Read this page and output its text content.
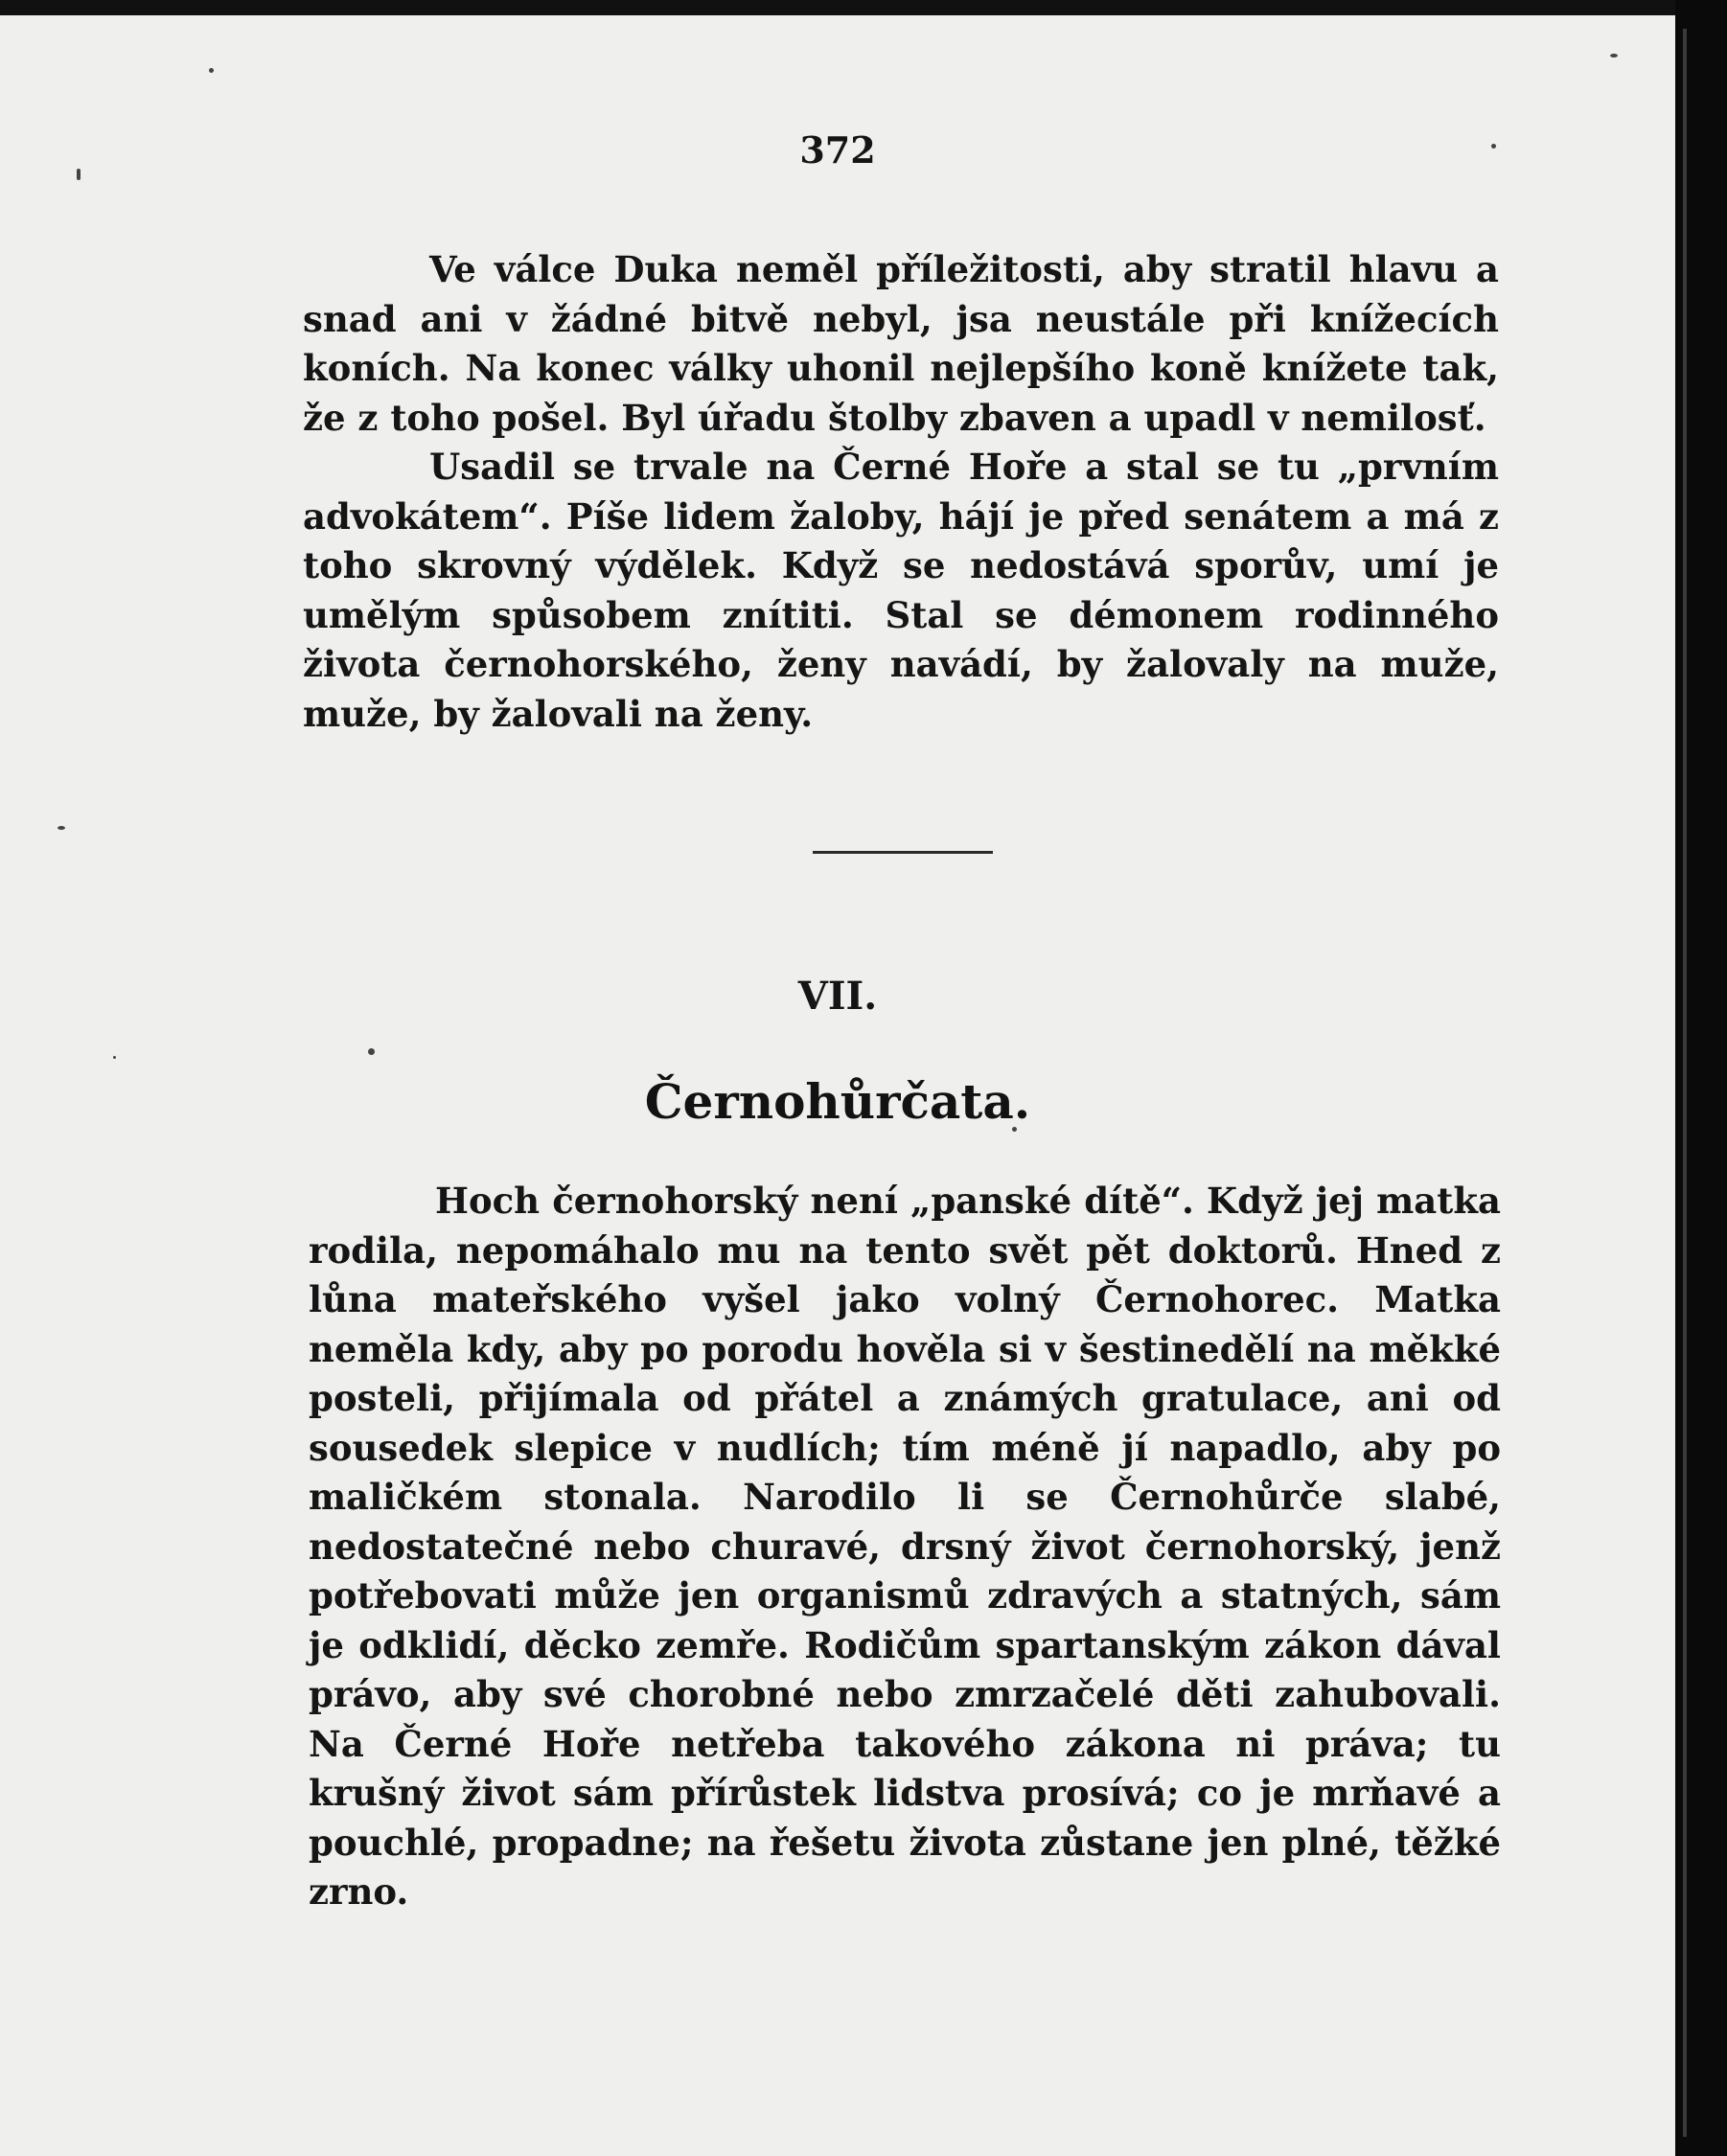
372

Ve válce Duka neměl příležitosti, aby stratil hlavu a snad ani v žádné bitvě nebyl, jsa neustále při knížecích koních. Na konec války uhonil nejlepšího koně knížete tak, že z toho pošel. Byl úřadu štolby zbaven a upadl v nemilosť.

Usadil se trvale na Černé Hoře a stal se tu „prvním advokátem“. Píše lidem žaloby, hájí je před senátem a má z toho skrovný výdělek. Když se nedostává sporův, umí je umělým spůsobem znítiti. Stal se démonem rodinného života černohorského, ženy navádí, by žalovaly na muže, muže, by žalovali na ženy.

VII.
Černohůrčata.

Hoch černohorský není „panské dítě“. Když jej matka rodila, nepomáhalo mu na tento svět pět doktorů. Hned z lůna mateřského vyšel jako volný Černohorec. Matka neměla kdy, aby po porodu hověla si v šestinedělí na měkké posteli, přijímala od přátel a známých gratulace, ani od sousedek slepice v nudlích; tím méně jí napadlo, aby po maličkém stonala. Narodilo li se Černohůrče slabé, nedostatečné nebo churavé, drsný život černohorský, jenž potřebovati může jen organismů zdravých a statných, sám je odklidí, děcko zemře. Rodičům spartanským zákon dával právo, aby své chorobné nebo zmrzačelé děti zahubovali. Na Černé Hoře netřeba takového zákona ni práva; tu krušný život sám přírůstek lidstva prosívá; co je mrňavé a pouchlé, propadne; na řešetu života zůstane jen plné, těžké zrno.
